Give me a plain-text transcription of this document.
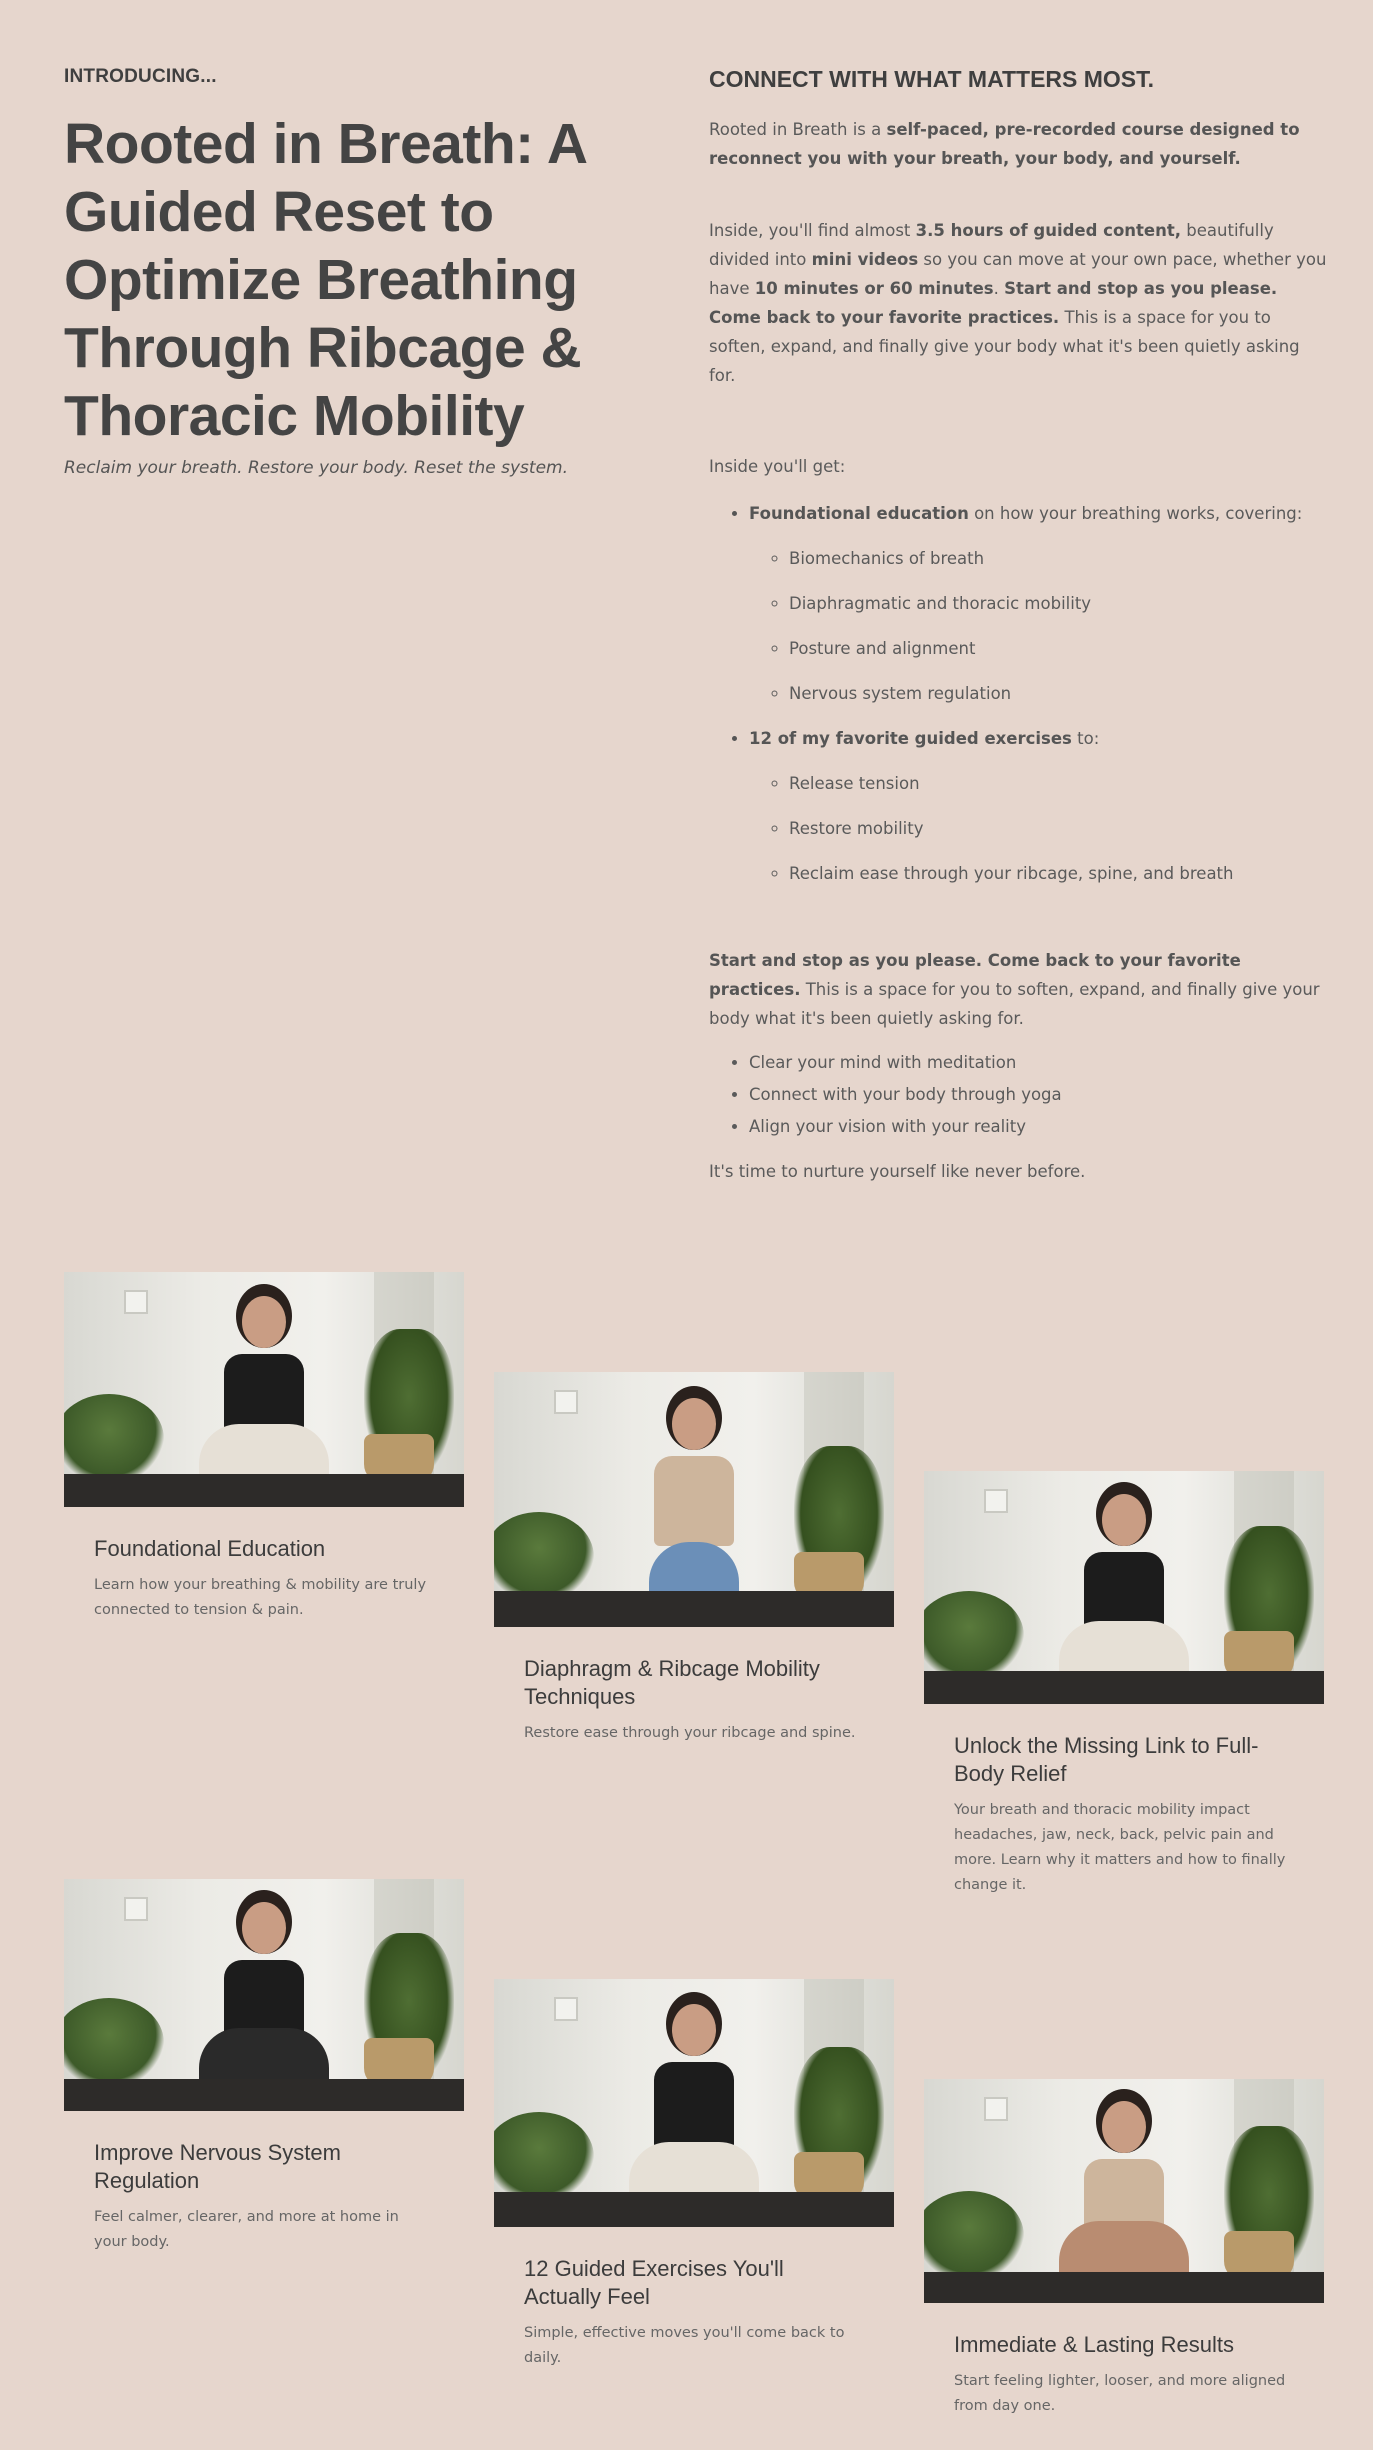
INTRODUCING...
Rooted in Breath: A Guided Reset to Optimize Breathing Through Ribcage & Thoracic Mobility
Reclaim your breath. Restore your body. Reset the system.
CONNECT WITH WHAT MATTERS MOST.

Rooted in Breath is a self-paced, pre-recorded course designed to reconnect you with your breath, your body, and yourself.

Inside, you'll find almost 3.5 hours of guided content, beautifully divided into mini videos so you can move at your own pace, whether you have 10 minutes or 60 minutes. Start and stop as you please. Come back to your favorite practices. This is a space for you to soften, expand, and finally give your body what it's been quietly asking for.

Inside you'll get:

• Foundational education on how your breathing works, covering:
◦ Biomechanics of breath
◦ Diaphragmatic and thoracic mobility
◦ Posture and alignment
◦ Nervous system regulation
• 12 of my favorite guided exercises to:
◦ Release tension
◦ Restore mobility
◦ Reclaim ease through your ribcage, spine, and breath

Start and stop as you please. Come back to your favorite practices. This is a space for you to soften, expand, and finally give your body what it's been quietly asking for.

• Clear your mind with meditation
• Connect with your body through yoga
• Align your vision with your reality

It's time to nurture yourself like never before.

Foundational Education

Learn how your breathing & mobility are truly connected to tension & pain.

Diaphragm & Ribcage Mobility Techniques

Restore ease through your ribcage and spine.	Unlock the Missing Link to Full-Body Relief

Your breath and thoracic mobility impact headaches, jaw, neck, back, pelvic pain and more. Learn why it matters and how to finally change it.

Improve Nervous System Regulation

Feel calmer, clearer, and more at home in your body.

12 Guided Exercises You'll Actually Feel

Simple, effective moves you'll come back to daily.

Immediate & Lasting Results

Start feeling lighter, looser, and more aligned from day one.
